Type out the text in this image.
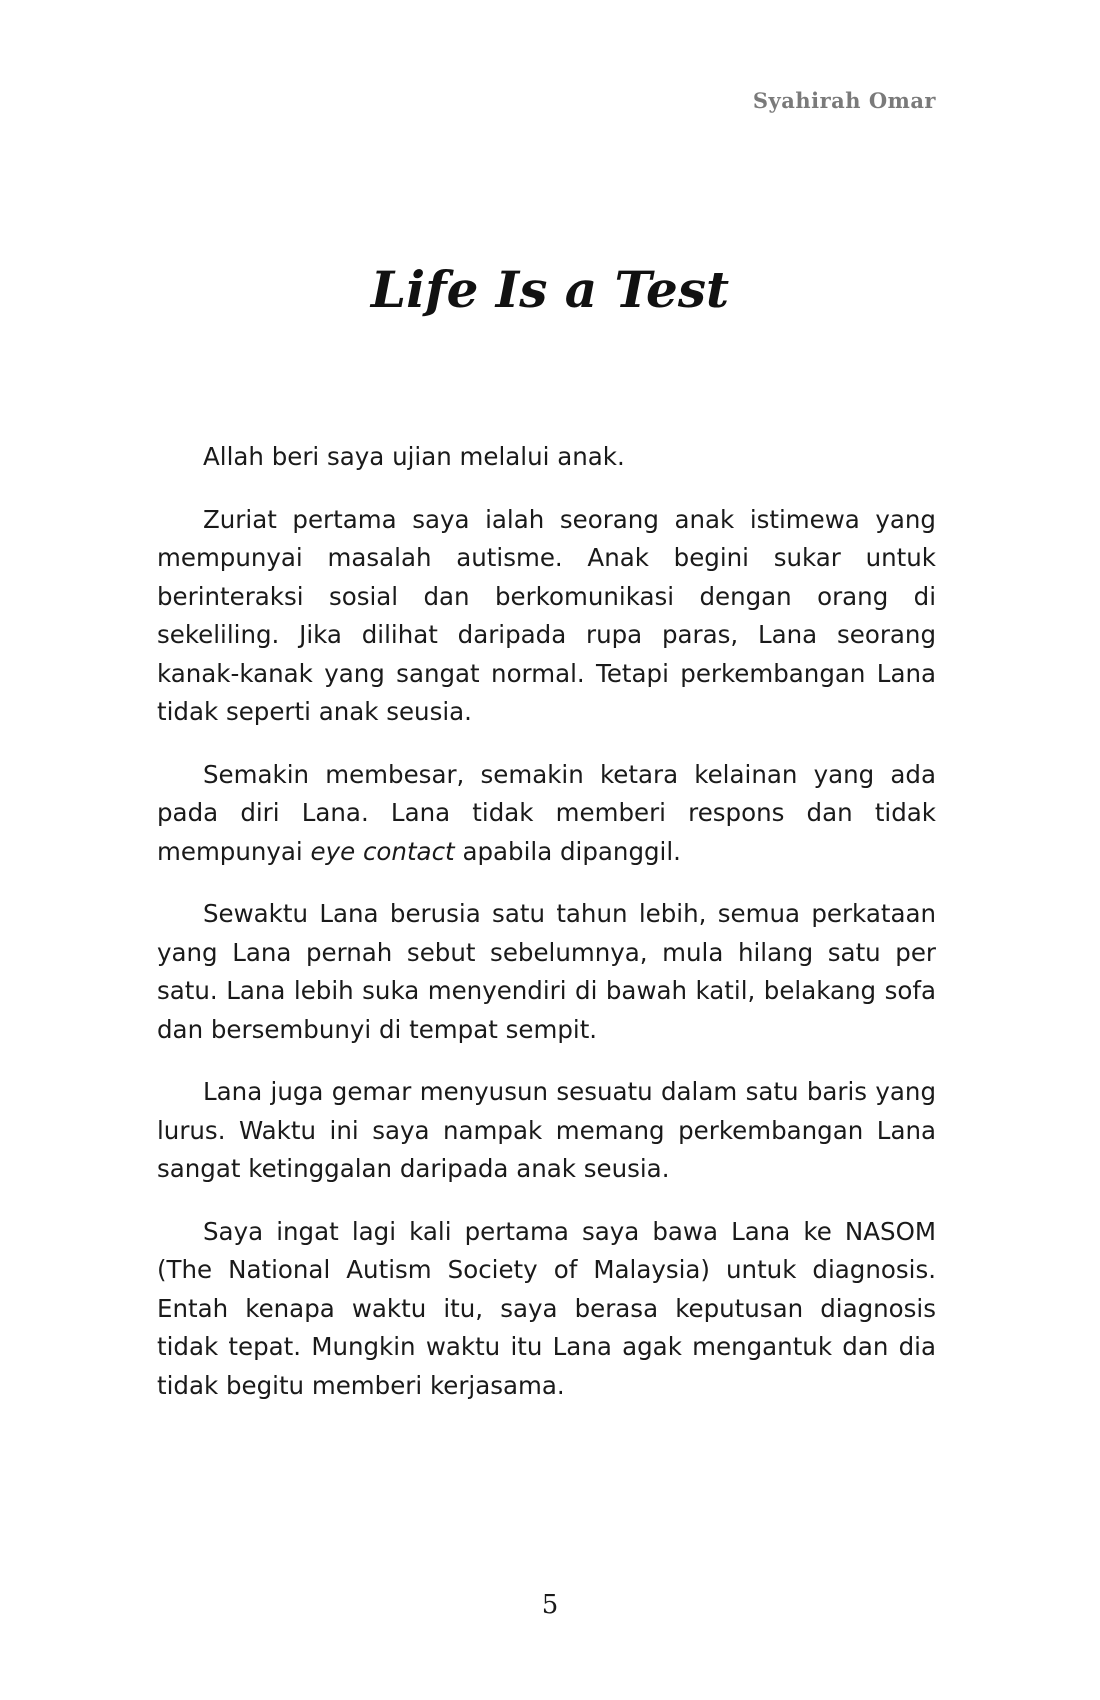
Syahirah Omar
Life Is a Test

Allah beri saya ujian melalui anak.

Zuriat pertama saya ialah seorang anak istimewa yang mempunyai masalah autisme. Anak begini sukar untuk berinteraksi sosial dan berkomunikasi dengan orang di sekeliling. Jika dilihat daripada rupa paras, Lana seorang kanak-kanak yang sangat normal. Tetapi perkembangan Lana tidak seperti anak seusia.

Semakin membesar, semakin ketara kelainan yang ada pada diri Lana. Lana tidak memberi respons dan tidak mempunyai eye contact apabila dipanggil.

Sewaktu Lana berusia satu tahun lebih, semua perkataan yang Lana pernah sebut sebelumnya, mula hilang satu per satu. Lana lebih suka menyendiri di bawah katil, belakang sofa dan bersembunyi di tempat sempit.

Lana juga gemar menyusun sesuatu dalam satu baris yang lurus. Waktu ini saya nampak memang perkembangan Lana sangat ketinggalan daripada anak seusia.

Saya ingat lagi kali pertama saya bawa Lana ke NASOM (The National Autism Society of Malaysia) untuk diagnosis. Entah kenapa waktu itu, saya berasa keputusan diagnosis tidak tepat. Mungkin waktu itu Lana agak mengantuk dan dia tidak begitu memberi kerjasama.

5
